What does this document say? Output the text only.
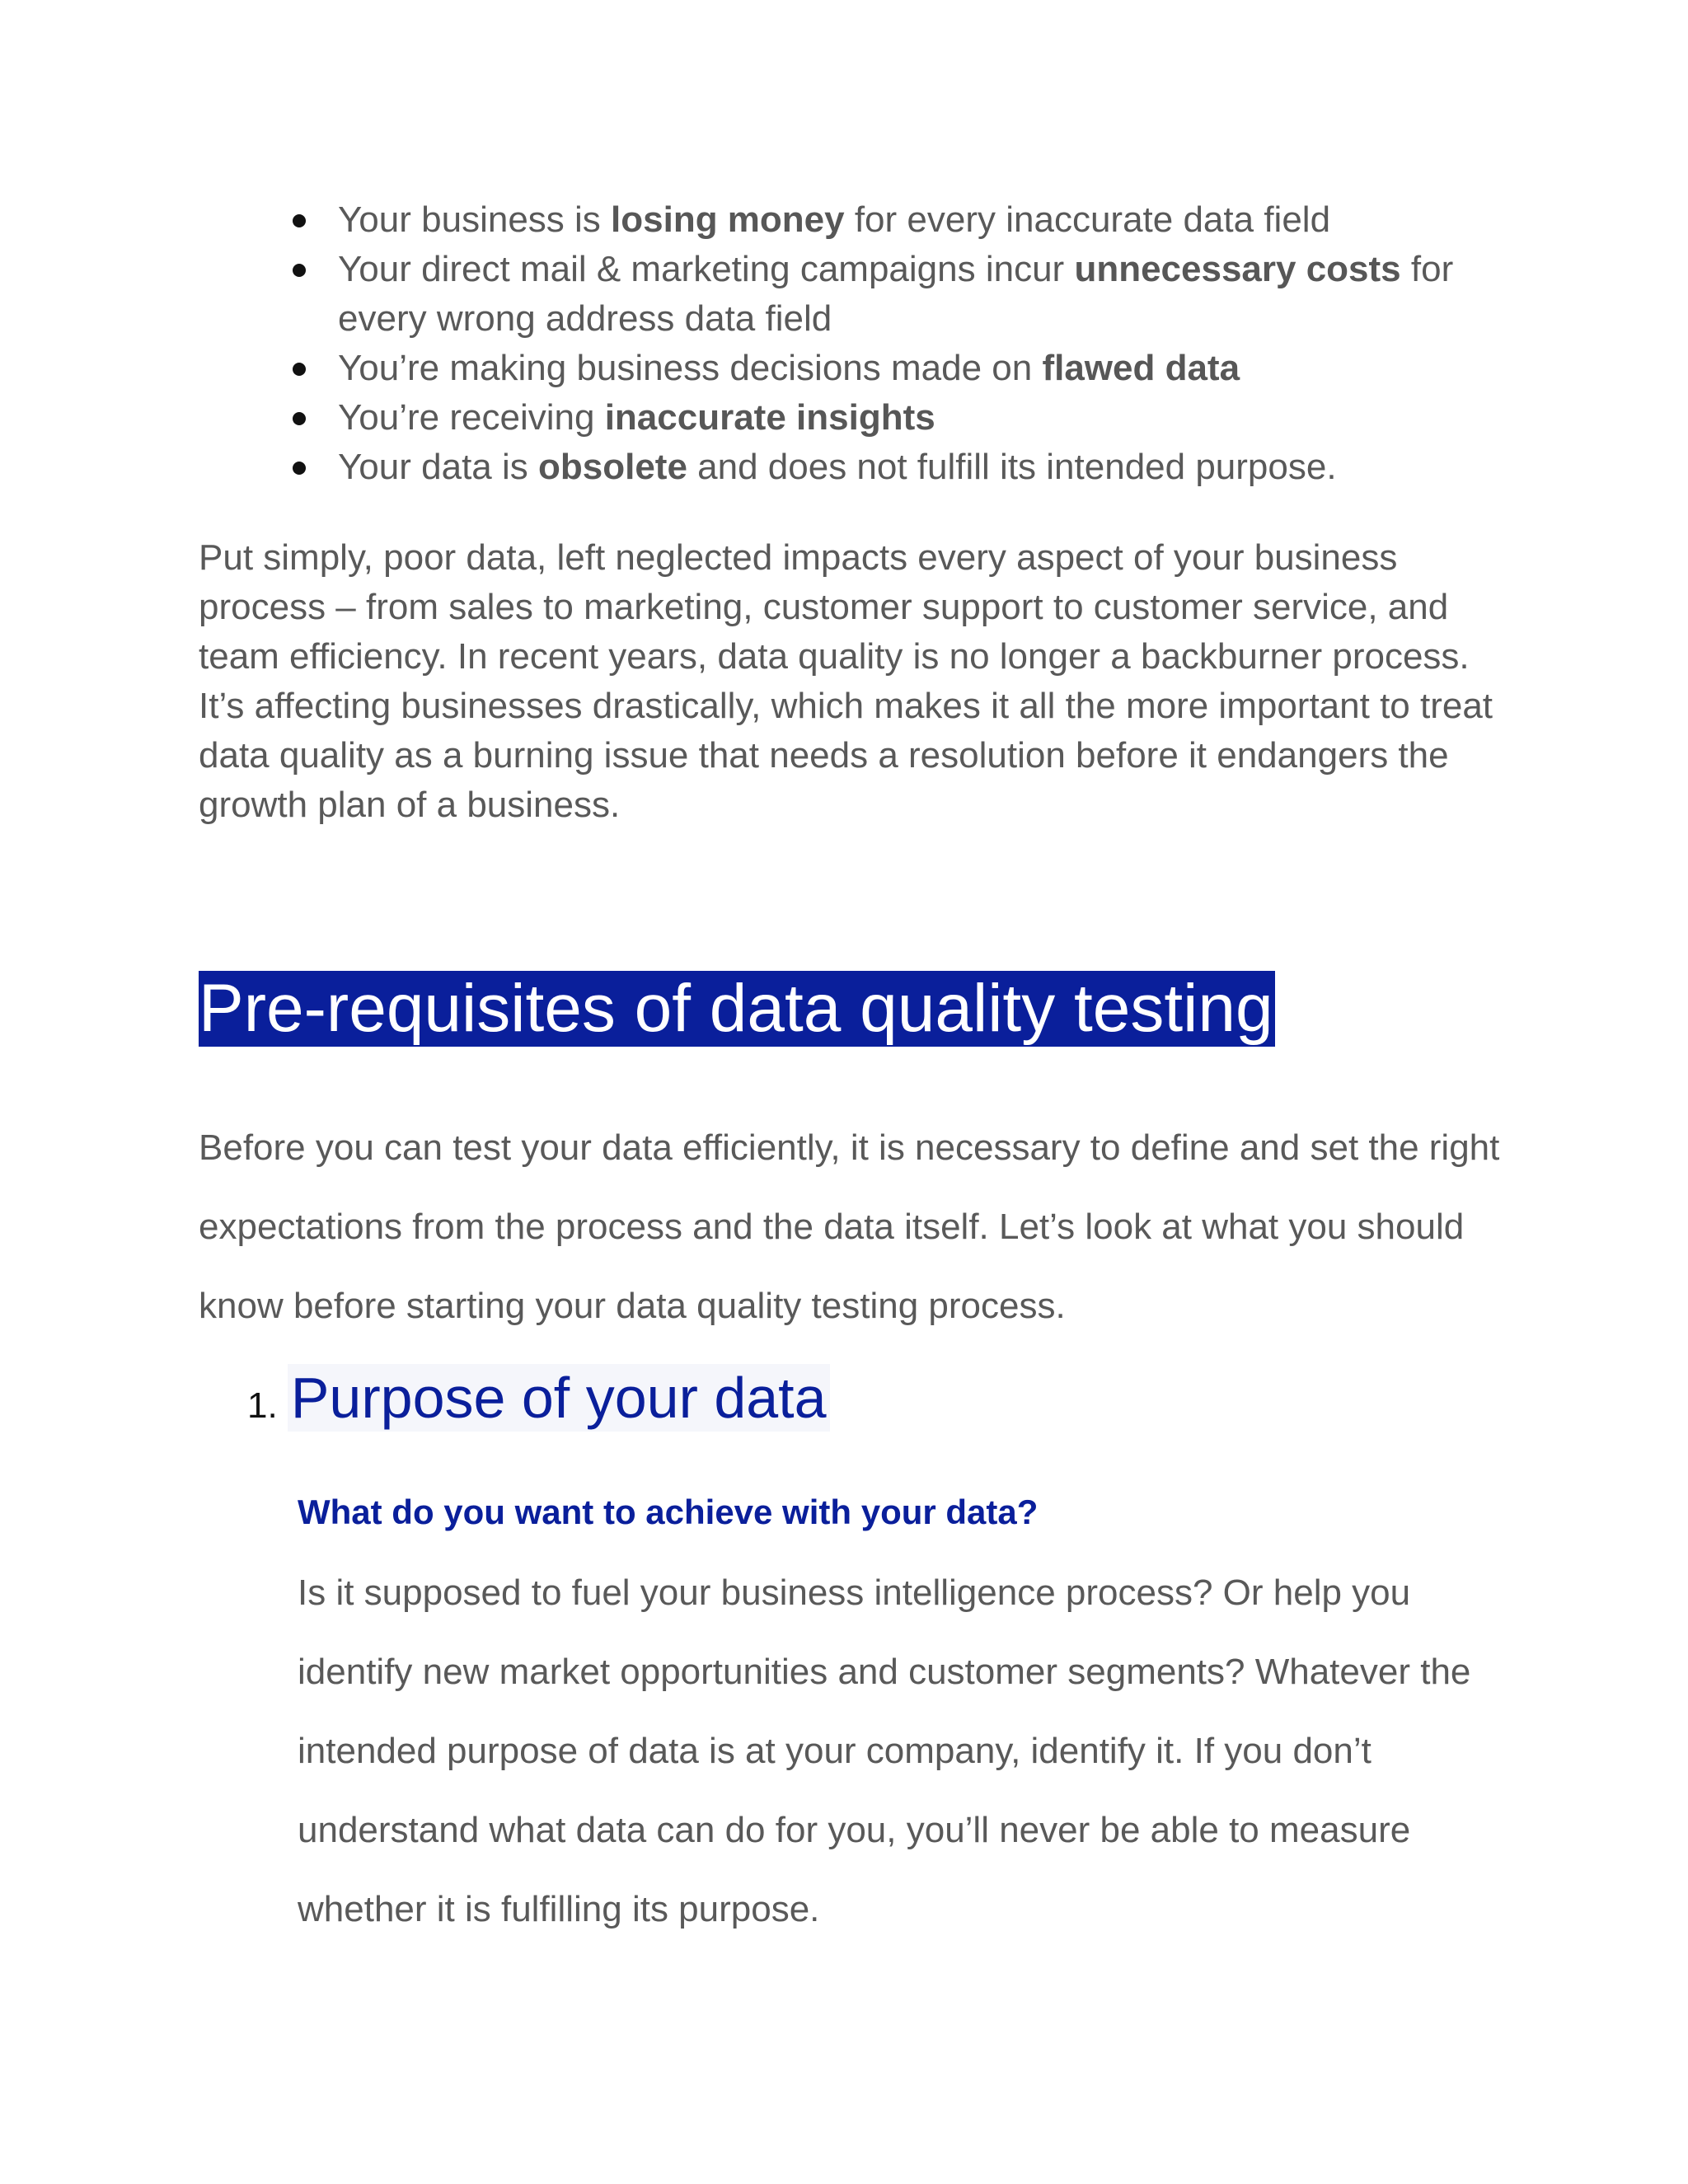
Your business is losing money for every inaccurate data field
Your direct mail & marketing campaigns incur unnecessary costs for every wrong address data field
You’re making business decisions made on flawed data
You’re receiving inaccurate insights
Your data is obsolete and does not fulfill its intended purpose.

Put simply, poor data, left neglected impacts every aspect of your business process – from sales to marketing, customer support to customer service, and team efficiency. In recent years, data quality is no longer a backburner process. It’s affecting businesses drastically, which makes it all the more important to treat data quality as a burning issue that needs a resolution before it endangers the growth plan of a business.

Pre-requisites of data quality testing

Before you can test your data efficiently, it is necessary to define and set the right expectations from the process and the data itself. Let’s look at what you should know before starting your data quality testing process.

1. Purpose of your data
What do you want to achieve with your data?

Is it supposed to fuel your business intelligence process? Or help you identify new market opportunities and customer segments? Whatever the intended purpose of data is at your company, identify it. If you don’t understand what data can do for you, you’ll never be able to measure whether it is fulfilling its purpose.
